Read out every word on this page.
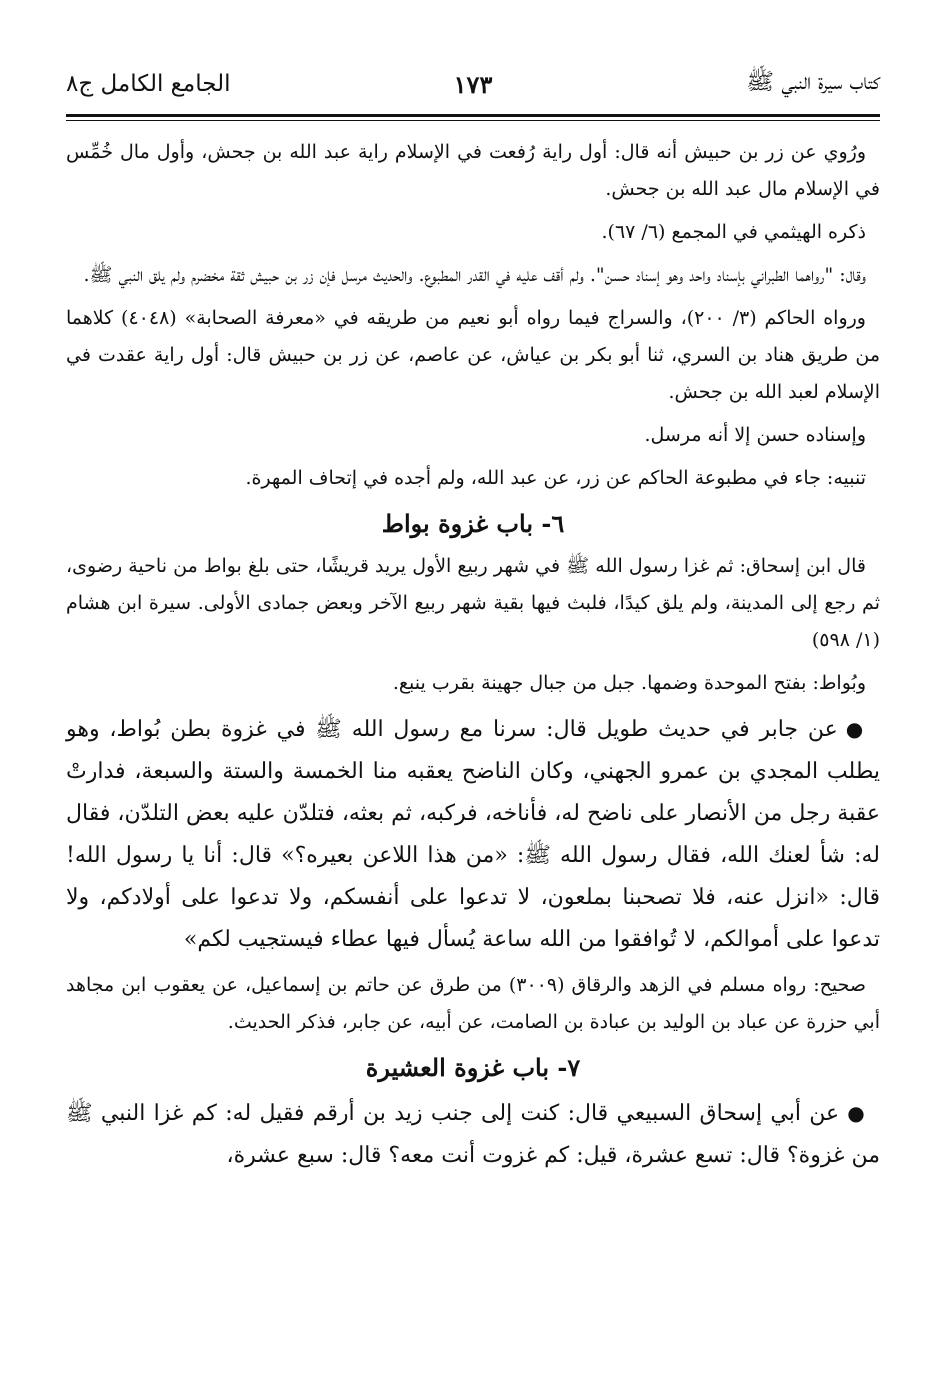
كتاب سيرة النبي ﷺ
١٧٣
الجامع الكامل ج٨

ورُوي عن زر بن حبيش أنه قال: أول راية رُفعت في الإسلام راية عبد الله بن جحش، وأول مال خُمِّس في الإسلام مال عبد الله بن جحش.

ذكره الهيثمي في المجمع (٦/ ٦٧).

وقال: "رواهما الطبراني بإسناد واحد وهو إسناد حسن". ولم أقف عليه في القدر المطبوع. والحديث مرسل فإن زر بن حبيش ثقة مخضرم ولم يلق النبي ﷺ.

ورواه الحاكم (٣/ ٢٠٠)، والسراج فيما رواه أبو نعيم من طريقه في «معرفة الصحابة» (٤٠٤٨) كلاهما من طريق هناد بن السري، ثنا أبو بكر بن عياش، عن عاصم، عن زر بن حبيش قال: أول راية عقدت في الإسلام لعبد الله بن جحش.

وإسناده حسن إلا أنه مرسل.

تنبيه: جاء في مطبوعة الحاكم عن زر، عن عبد الله، ولم أجده في إتحاف المهرة.

٦- باب غزوة بواط

قال ابن إسحاق: ثم غزا رسول الله ﷺ في شهر ربيع الأول يريد قريشًا، حتى بلغ بواط من ناحية رضوى، ثم رجع إلى المدينة، ولم يلق كيدًا، فلبث فيها بقية شهر ربيع الآخر وبعض جمادى الأولى. سيرة ابن هشام (١/ ٥٩٨)

وبُواط: بفتح الموحدة وضمها. جبل من جبال جهينة بقرب ينبع.

●عن جابر في حديث طويل قال: سرنا مع رسول الله ﷺ في غزوة بطن بُواط، وهو يطلب المجدي بن عمرو الجهني، وكان الناضح يعقبه منا الخمسة والستة والسبعة، فدارتْ عقبة رجل من الأنصار على ناضح له، فأناخه، فركبه، ثم بعثه، فتلدّن عليه بعض التلدّن، فقال له: شأ لعنك الله، فقال رسول الله ﷺ: «من هذا اللاعن بعيره؟» قال: أنا يا رسول الله! قال: «انزل عنه، فلا تصحبنا بملعون، لا تدعوا على أنفسكم، ولا تدعوا على أولادكم، ولا تدعوا على أموالكم، لا تُوافقوا من الله ساعة يُسأل فيها عطاء فيستجيب لكم»

صحيح: رواه مسلم في الزهد والرقاق (٣٠٠٩) من طرق عن حاتم بن إسماعيل، عن يعقوب ابن مجاهد أبي حزرة عن عباد بن الوليد بن عبادة بن الصامت، عن أبيه، عن جابر، فذكر الحديث.

٧- باب غزوة العشيرة

●عن أبي إسحاق السبيعي قال: كنت إلى جنب زيد بن أرقم فقيل له: كم غزا النبي ﷺ من غزوة؟ قال: تسع عشرة، قيل: كم غزوت أنت معه؟ قال: سبع عشرة،
